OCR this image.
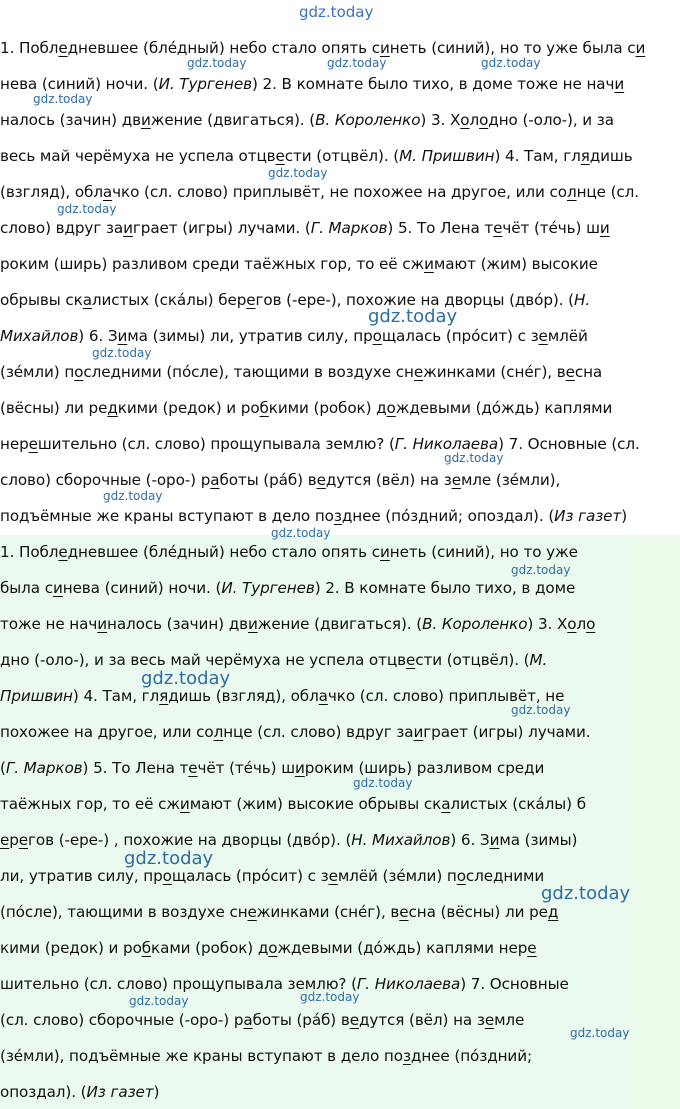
1. Побледневшее (блéдный) небо стало опять синеть (синий), но то уже была си
нева (синий) ночи. (И. Тургенев) 2. В комнате было тихо, в доме тоже не начи
налось (зачин) движение (двигаться). (В. Короленко) 3. Холодно (-оло-), и за
весь май черёмуха не успела отцвести (отцвёл). (М. Пришвин) 4. Там, глядишь
(взгляд), облачко (сл. слово) приплывёт, не похожее на другое, или солнце (сл.
слово) вдруг заиграет (игры) лучами. (Г. Марков) 5. То Лена течёт (тéчь) ши
роким (ширь) разливом среди таёжных гор, то её сжимают (жим) высокие
обрывы скалистых (скáлы) берегов (-ере-), похожие на дворцы (двóр). (Н.
Михайлов) 6. Зима (зимы) ли, утратив силу, прощалась (прóсит) с землёй
(зéмли) последними (пóсле), тающими в воздухе снежинками (снéг), весна
(вёсны) ли редкими (редок) и робкими (робок) дождевыми (дóждь) каплями
нерешительно (сл. слово) прощупывала землю? (Г. Николаева) 7. Основные (сл.
слово) сборочные (-оро-) работы (рáб) ведутся (вёл) на земле (зéмли),
подъёмные же краны вступают в дело позднее (пóздний; опоздал). (Из газет)
1. Побледневшее (блéдный) небо стало опять синеть (синий), но то уже
была синева (синий) ночи. (И. Тургенев) 2. В комнате было тихо, в доме
тоже не начиналось (зачин) движение (двигаться). (В. Короленко) 3. Холо
дно (-оло-), и за весь май черёмуха не успела отцвести (отцвёл). (М.
Пришвин) 4. Там, глядишь (взгляд), облачко (сл. слово) приплывёт, не
похожее на другое, или солнце (сл. слово) вдруг заиграет (игры) лучами.
(Г. Марков) 5. То Лена течёт (тéчь) широким (ширь) разливом среди
таёжных гор, то её сжимают (жим) высокие обрывы скалистых (скáлы) б
ерегов (-ере-) , похожие на дворцы (двóр). (Н. Михайлов) 6. Зима (зимы)
ли, утратив силу, прощалась (прóсит) с землёй (зéмли) последними
(пóсле), тающими в воздухе снежинками (снéг), весна (вёсны) ли ред
кими (редок) и робками (робок) дождевыми (дóждь) каплями нере
шительно (сл. слово) прощупывала землю? (Г. Николаева) 7. Основные
(сл. слово) сборочные (-оро-) работы (рáб) ведутся (вёл) на земле
(зéмли), подъёмные же краны вступают в дело позднее (пóздний;
опоздал). (Из газет)
gdz.today
gdz.today	gdz.today	gdz.today
gdz.today
gdz.today
gdz.today
gdz.today
gdz.today
gdz.today
gdz.today
gdz.today
gdz.today
gdz.today
gdz.today
gdz.today
gdz.today
gdz.today
gdz.today	gdz.today
gdz.today
